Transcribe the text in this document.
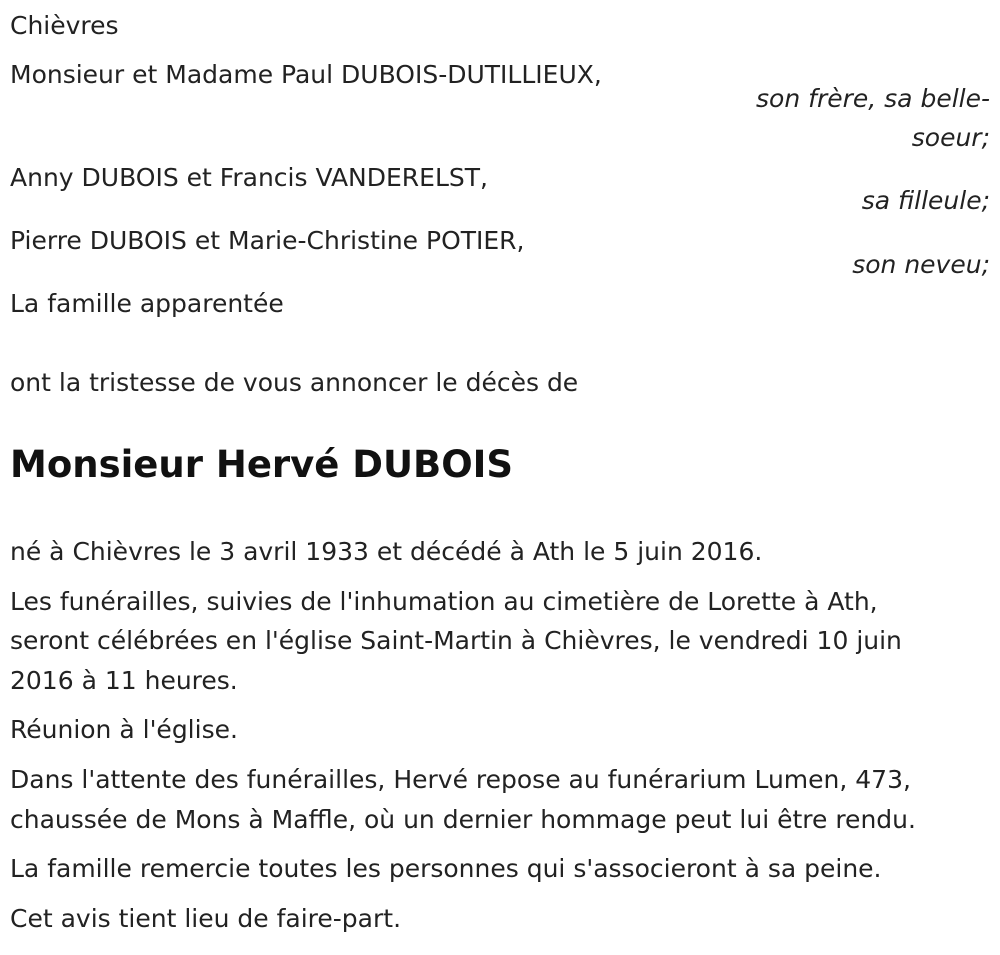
Chièvres
Monsieur et Madame Paul DUBOIS-DUTILLIEUX,
son frère, sa belle-
soeur;
Anny DUBOIS et Francis VANDERELST,
sa filleule;
Pierre DUBOIS et Marie-Christine POTIER,
son neveu;
La famille apparentée
ont la tristesse de vous annoncer le décès de
Monsieur Hervé DUBOIS
né à Chièvres le 3 avril 1933 et décédé à Ath le 5 juin 2016.
Les funérailles, suivies de l'inhumation au cimetière de Lorette à Ath,
seront célébrées en l'église Saint-Martin à Chièvres, le vendredi 10 juin
2016 à 11 heures.
Réunion à l'église.
Dans l'attente des funérailles, Hervé repose au funérarium Lumen, 473,
chaussée de Mons à Maffle, où un dernier hommage peut lui être rendu.
La famille remercie toutes les personnes qui s'associeront à sa peine.
Cet avis tient lieu de faire-part.
